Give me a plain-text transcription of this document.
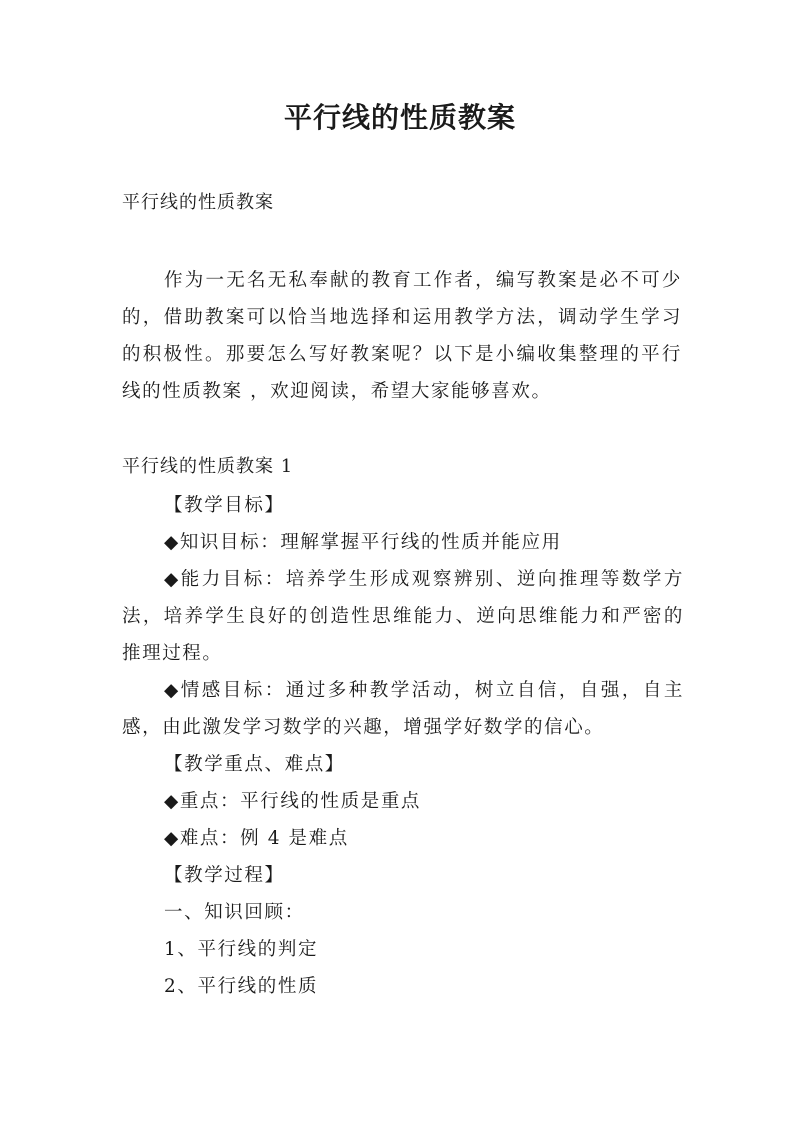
平行线的性质教案
平行线的性质教案

作为一无名无私奉献的教育工作者，编写教案是必不可少的，借助教案可以恰当地选择和运用教学方法，调动学生学习的积极性。那要怎么写好教案呢？以下是小编收集整理的平行线的性质教案 ，欢迎阅读，希望大家能够喜欢。

平行线的性质教案 1

【教学目标】

◆知识目标：理解掌握平行线的性质并能应用

◆能力目标：培养学生形成观察辨别、逆向推理等数学方法，培养学生良好的创造性思维能力、逆向思维能力和严密的推理过程。

◆情感目标：通过多种教学活动，树立自信，自强，自主感，由此激发学习数学的兴趣，增强学好数学的信心。

【教学重点、难点】

◆重点：平行线的性质是重点

◆难点：例 4 是难点

【教学过程】

一、知识回顾：

1、平行线的判定

2、平行线的性质
